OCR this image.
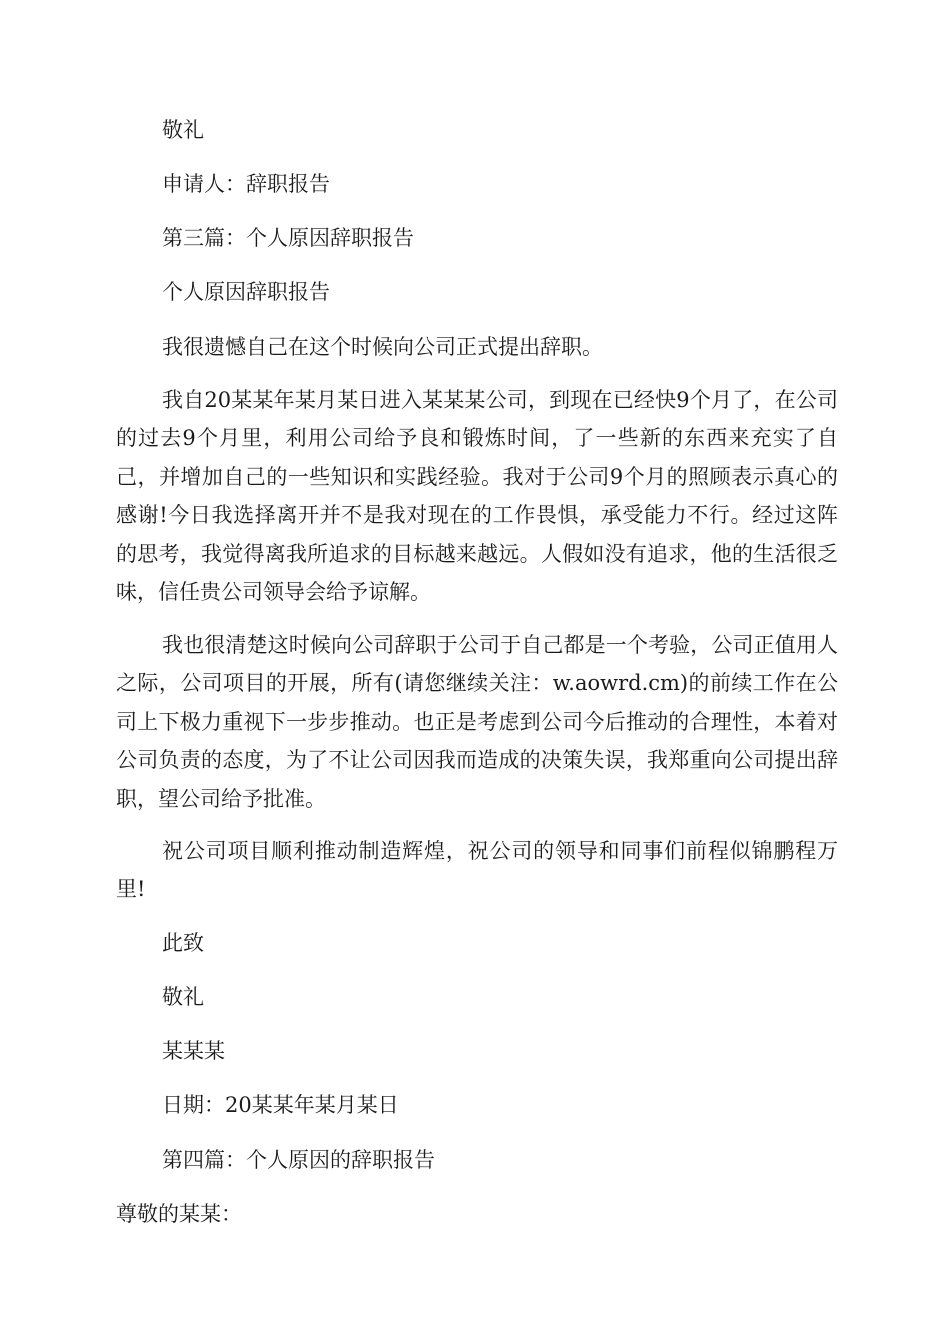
敬礼
申请人：辞职报告
第三篇：个人原因辞职报告
个人原因辞职报告
我很遗憾自己在这个时候向公司正式提出辞职。

我自20某某年某月某日进入某某某公司，到现在已经快9个月了，在公司的过去9个月里，利用公司给予良和锻炼时间，了一些新的东西来充实了自己，并增加自己的一些知识和实践经验。我对于公司9个月的照顾表示真心的感谢!今日我选择离开并不是我对现在的工作畏惧，承受能力不行。经过这阵的思考，我觉得离我所追求的目标越来越远。人假如没有追求，他的生活很乏味，信任贵公司领导会给予谅解。

我也很清楚这时候向公司辞职于公司于自己都是一个考验，公司正值用人之际，公司项目的开展，所有(请您继续关注：w.aowrd.cm)的前续工作在公司上下极力重视下一步步推动。也正是考虑到公司今后推动的合理性，本着对公司负责的态度，为了不让公司因我而造成的决策失误，我郑重向公司提出辞职，望公司给予批准。

祝公司项目顺利推动制造辉煌，祝公司的领导和同事们前程似锦鹏程万里!

此致
敬礼
某某某
日期：20某某年某月某日
第四篇：个人原因的辞职报告
尊敬的某某：
